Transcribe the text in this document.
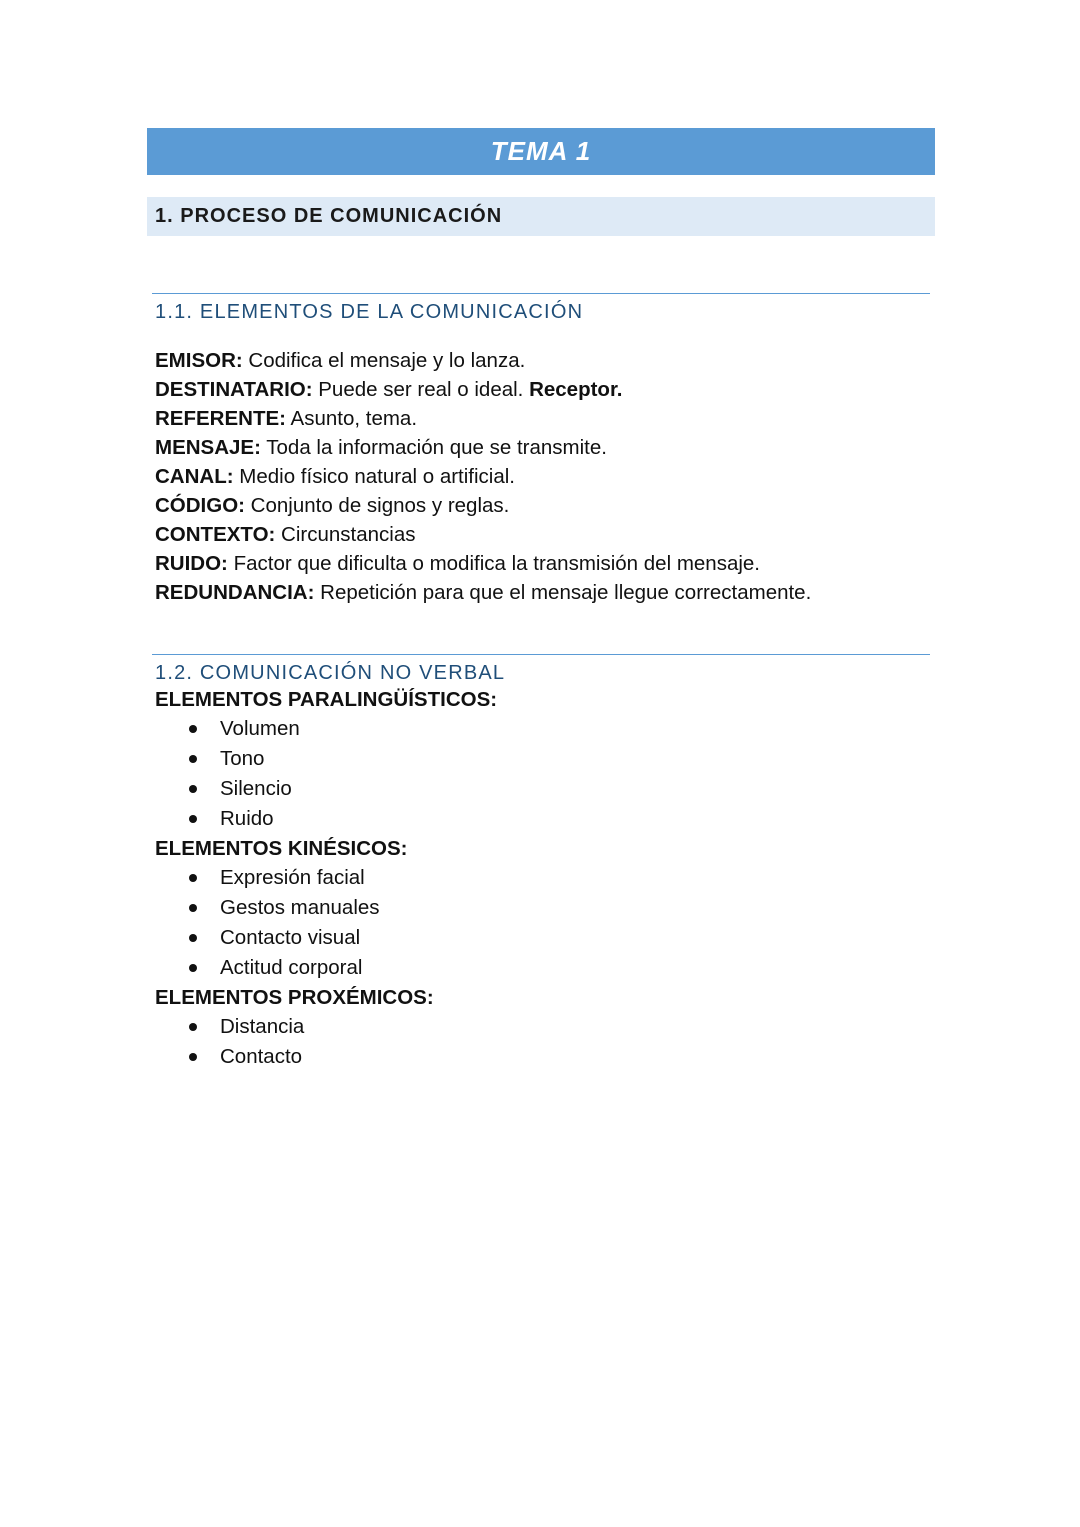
TEMA 1
1. PROCESO DE COMUNICACIÓN
1.1. ELEMENTOS DE LA COMUNICACIÓN
EMISOR: Codifica el mensaje y lo lanza.
DESTINATARIO: Puede ser real o ideal. Receptor.
REFERENTE: Asunto, tema.
MENSAJE: Toda la información que se transmite.
CANAL: Medio físico natural o artificial.
CÓDIGO: Conjunto de signos y reglas.
CONTEXTO: Circunstancias
RUIDO: Factor que dificulta o modifica la transmisión del mensaje.
REDUNDANCIA: Repetición para que el mensaje llegue correctamente.
1.2. COMUNICACIÓN NO VERBAL
ELEMENTOS PARALINGÜÍSTICOS:
Volumen
Tono
Silencio
Ruido
ELEMENTOS KINÉSICOS:
Expresión facial
Gestos manuales
Contacto visual
Actitud corporal
ELEMENTOS PROXÉMICOS:
Distancia
Contacto
